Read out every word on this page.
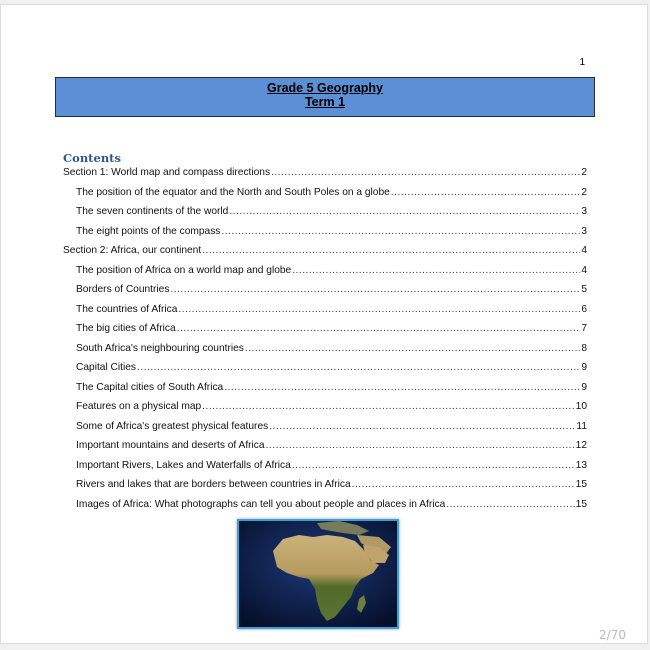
1
Grade 5 Geography
Term 1
Contents
Section 1: World map and compass directions .....	2
The position of the equator and the North and South Poles on a globe .....	2
The seven continents of the world .....	3
The eight points of the compass .....	3
Section 2: Africa, our continent .....	4
The position of Africa on a world map and globe .....	4
Borders of Countries .....	5
The countries of Africa .....	6
The big cities of Africa .....	7
South Africa's neighbouring countries .....	8
Capital Cities .....	9
The Capital cities of South Africa .....	9
Features on a physical map .....	10
Some of Africa's greatest physical features .....	11
Important mountains and deserts of Africa .....	12
Important Rivers, Lakes and Waterfalls of Africa .....	13
Rivers and lakes that are borders between countries in Africa .....	15
Images of Africa: What photographs can tell you about people and places in Africa .....	15
2/70
